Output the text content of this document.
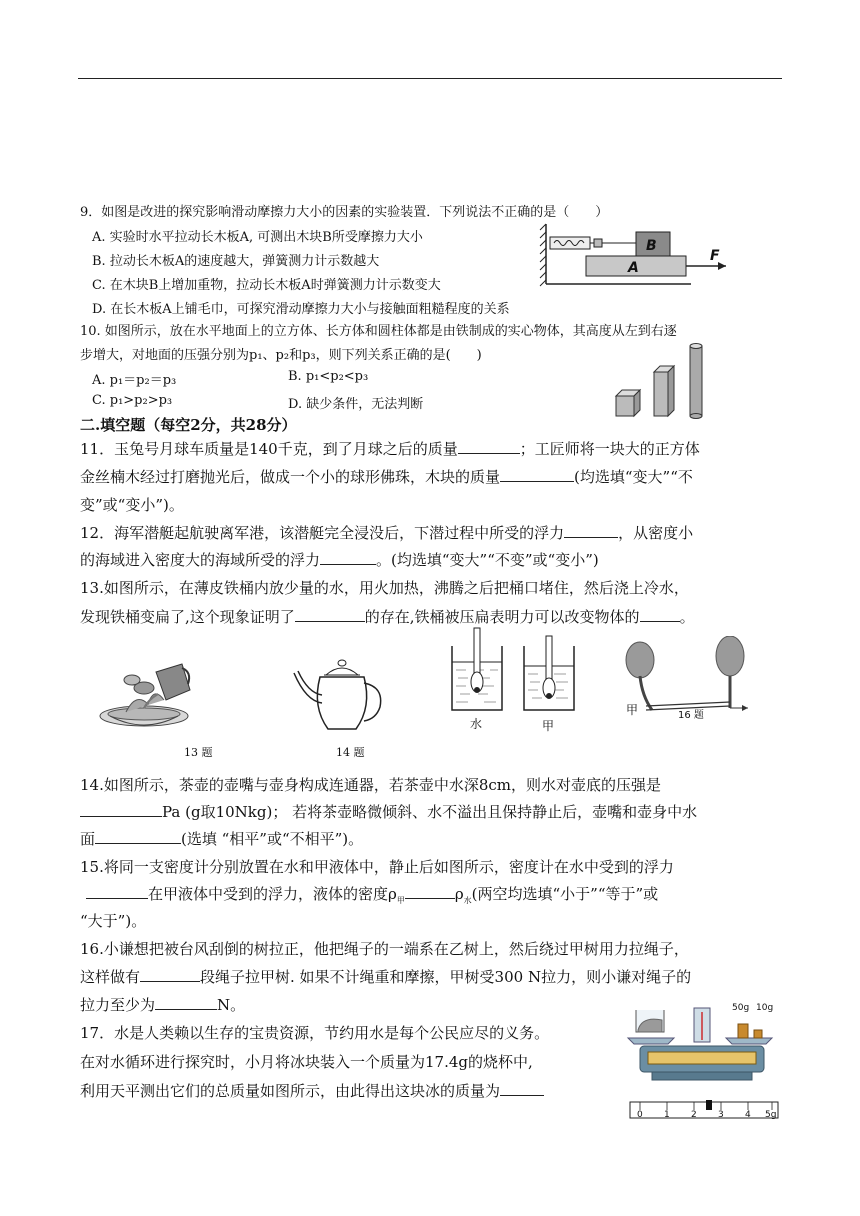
9．如图是改进的探究影响滑动摩擦力大小的因素的实验装置．下列说法不正确的是（　　）
A. 实验时水平拉动长木板A, 可测出木块B所受摩擦力大小
B. 拉动长木板A的速度越大，弹簧测力计示数越大
C. 在木块B上增加重物，拉动长木板A时弹簧测力计示数变大
D. 在长木板A上铺毛巾，可探究滑动摩擦力大小与接触面粗糙程度的关系
B
A
F
10. 如图所示，放在水平地面上的立方体、长方体和圆柱体都是由铁制成的实心物体，其高度从左到右逐
步增大，对地面的压强分别为p₁、p₂和p₃，则下列关系正确的是(　　)
A. p₁＝p₂＝p₃	B. p₁<p₂<p₃
C. p₁>p₂>p₃	D. 缺少条件，无法判断
二.填空题（每空2分，共28分）
11．玉兔号月球车质量是140千克，到了月球之后的质量	；工匠师将一块大的正方体
金丝楠木经过打磨抛光后，做成一个小的球形佛珠，木块的质量	(均选填“变大”“不
变”或“变小”)。
12．海军潜艇起航驶离军港，该潜艇完全浸没后，下潜过程中所受的浮力	，从密度小
的海域进入密度大的海域所受的浮力	。(均选填“变大”“不变”或“变小”)
13.如图所示，在薄皮铁桶内放少量的水，用火加热，沸腾之后把桶口堵住，然后浇上冷水，
发现铁桶变扁了,这个现象证明了	的存在,铁桶被压扁表明力可以改变物体的	。
13 题	14 题
水	甲
甲	16 题
14.如图所示，茶壶的壶嘴与壶身构成连通器，若茶壶中水深8cm，则水对壶底的压强是
Pa (g取10Nkg)； 若将茶壶略微倾斜、水不溢出且保持静止后，壶嘴和壶身中水
面	(选填 “相平”或“不相平”)。
15.将同一支密度计分别放置在水和甲液体中，静止后如图所示，密度计在水中受到的浮力
在甲液体中受到的浮力，液体的密度$\rho_甲$	$\rho_水$(两空均选填“小于”“等于”或
“大于”)。
16.小谦想把被台风刮倒的树拉正，他把绳子的一端系在乙树上，然后绕过甲树用力拉绳子，
这样做有	段绳子拉甲树. 如果不计绳重和摩擦，甲树受300 N拉力，则小谦对绳子的
拉力至少为	N。
17．水是人类赖以生存的宝贵资源，节约用水是每个公民应尽的义务。
在对水循环进行探究时，小月将冰块装入一个质量为17.4g的烧杯中,
利用天平测出它们的总质量如图所示，由此得出这块冰的质量为
50g 10g
0 1 2 3 4 5g
